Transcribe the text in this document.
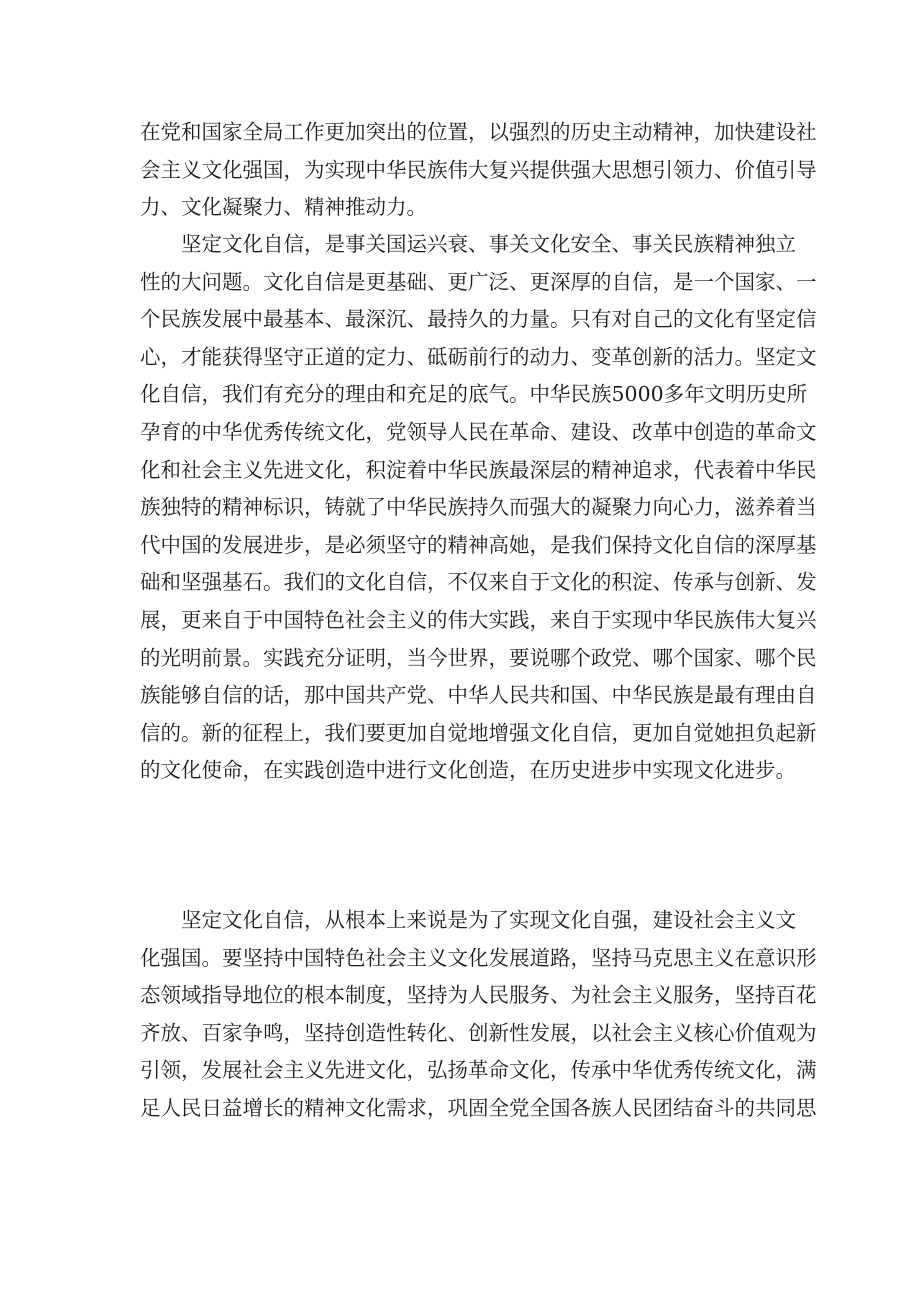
在党和国家全局工作更加突出的位置，以强烈的历史主动精神，加快建设社
会主义文化强国，为实现中华民族伟大复兴提供强大思想引领力、价值引导
力、文化凝聚力、精神推动力。
坚定文化自信，是事关国运兴衰、事关文化安全、事关民族精神独立
性的大问题。文化自信是更基础、更广泛、更深厚的自信，是一个国家、一
个民族发展中最基本、最深沉、最持久的力量。只有对自己的文化有坚定信
心，才能获得坚守正道的定力、砥砺前行的动力、变革创新的活力。坚定文
化自信，我们有充分的理由和充足的底气。中华民族5000多年文明历史所
孕育的中华优秀传统文化，党领导人民在革命、建设、改革中创造的革命文
化和社会主义先进文化，积淀着中华民族最深层的精神追求，代表着中华民
族独特的精神标识，铸就了中华民族持久而强大的凝聚力向心力，滋养着当
代中国的发展进步，是必须坚守的精神高她，是我们保持文化自信的深厚基
础和坚强基石。我们的文化自信，不仅来自于文化的积淀、传承与创新、发
展，更来自于中国特色社会主义的伟大实践，来自于实现中华民族伟大复兴
的光明前景。实践充分证明，当今世界，要说哪个政党、哪个国家、哪个民
族能够自信的话，那中国共产党、中华人民共和国、中华民族是最有理由自
信的。新的征程上，我们要更加自觉地增强文化自信，更加自觉她担负起新
的文化使命，在实践创造中进行文化创造，在历史进步中实现文化进步。
坚定文化自信，从根本上来说是为了实现文化自强，建设社会主义文
化强国。要坚持中国特色社会主义文化发展道路，坚持马克思主义在意识形
态领域指导地位的根本制度，坚持为人民服务、为社会主义服务，坚持百花
齐放、百家争鸣，坚持创造性转化、创新性发展，以社会主义核心价值观为
引领，发展社会主义先进文化，弘扬革命文化，传承中华优秀传统文化，满
足人民日益增长的精神文化需求，巩固全党全国各族人民团结奋斗的共同思
